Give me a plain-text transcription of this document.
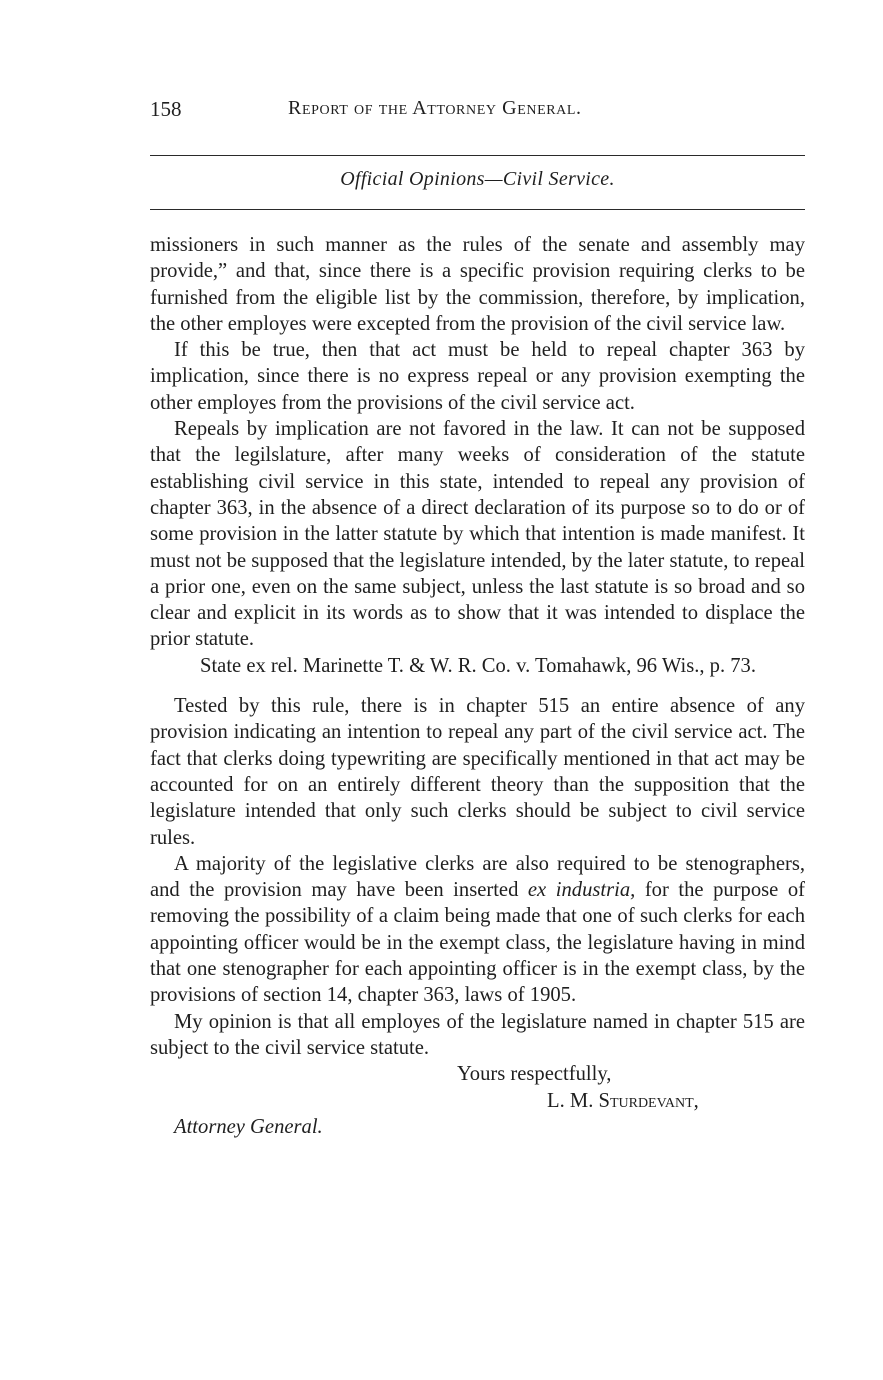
158	Report of the Attorney General.
Official Opinions—Civil Service.

missioners in such manner as the rules of the senate and assembly may provide,” and that, since there is a specific provision requiring clerks to be furnished from the eligible list by the commission, therefore, by implication, the other employes were excepted from the provision of the civil service law.

If this be true, then that act must be held to repeal chapter 363 by implication, since there is no express repeal or any provision exempting the other employes from the provisions of the civil service act.

Repeals by implication are not favored in the law. It can not be supposed that the legilslature, after many weeks of consideration of the statute establishing civil service in this state, intended to repeal any provision of chapter 363, in the absence of a direct declaration of its purpose so to do or of some provision in the latter statute by which that intention is made manifest. It must not be supposed that the legislature intended, by the later statute, to repeal a prior one, even on the same subject, unless the last statute is so broad and so clear and explicit in its words as to show that it was intended to displace the prior statute.

State ex rel. Marinette T. & W. R. Co. v. Tomahawk, 96 Wis., p. 73.

Tested by this rule, there is in chapter 515 an entire absence of any provision indicating an intention to repeal any part of the civil service act. The fact that clerks doing typewriting are specifically mentioned in that act may be accounted for on an entirely different theory than the supposition that the legislature intended that only such clerks should be subject to civil service rules.

A majority of the legislative clerks are also required to be stenographers, and the provision may have been inserted ex industria, for the purpose of removing the possibility of a claim being made that one of such clerks for each appointing officer would be in the exempt class, the legislature having in mind that one stenographer for each appointing officer is in the exempt class, by the provisions of section 14, chapter 363, laws of 1905.

My opinion is that all employes of the legislature named in chapter 515 are subject to the civil service statute.

Yours respectfully,

L. M. Sturdevant,

Attorney General.
